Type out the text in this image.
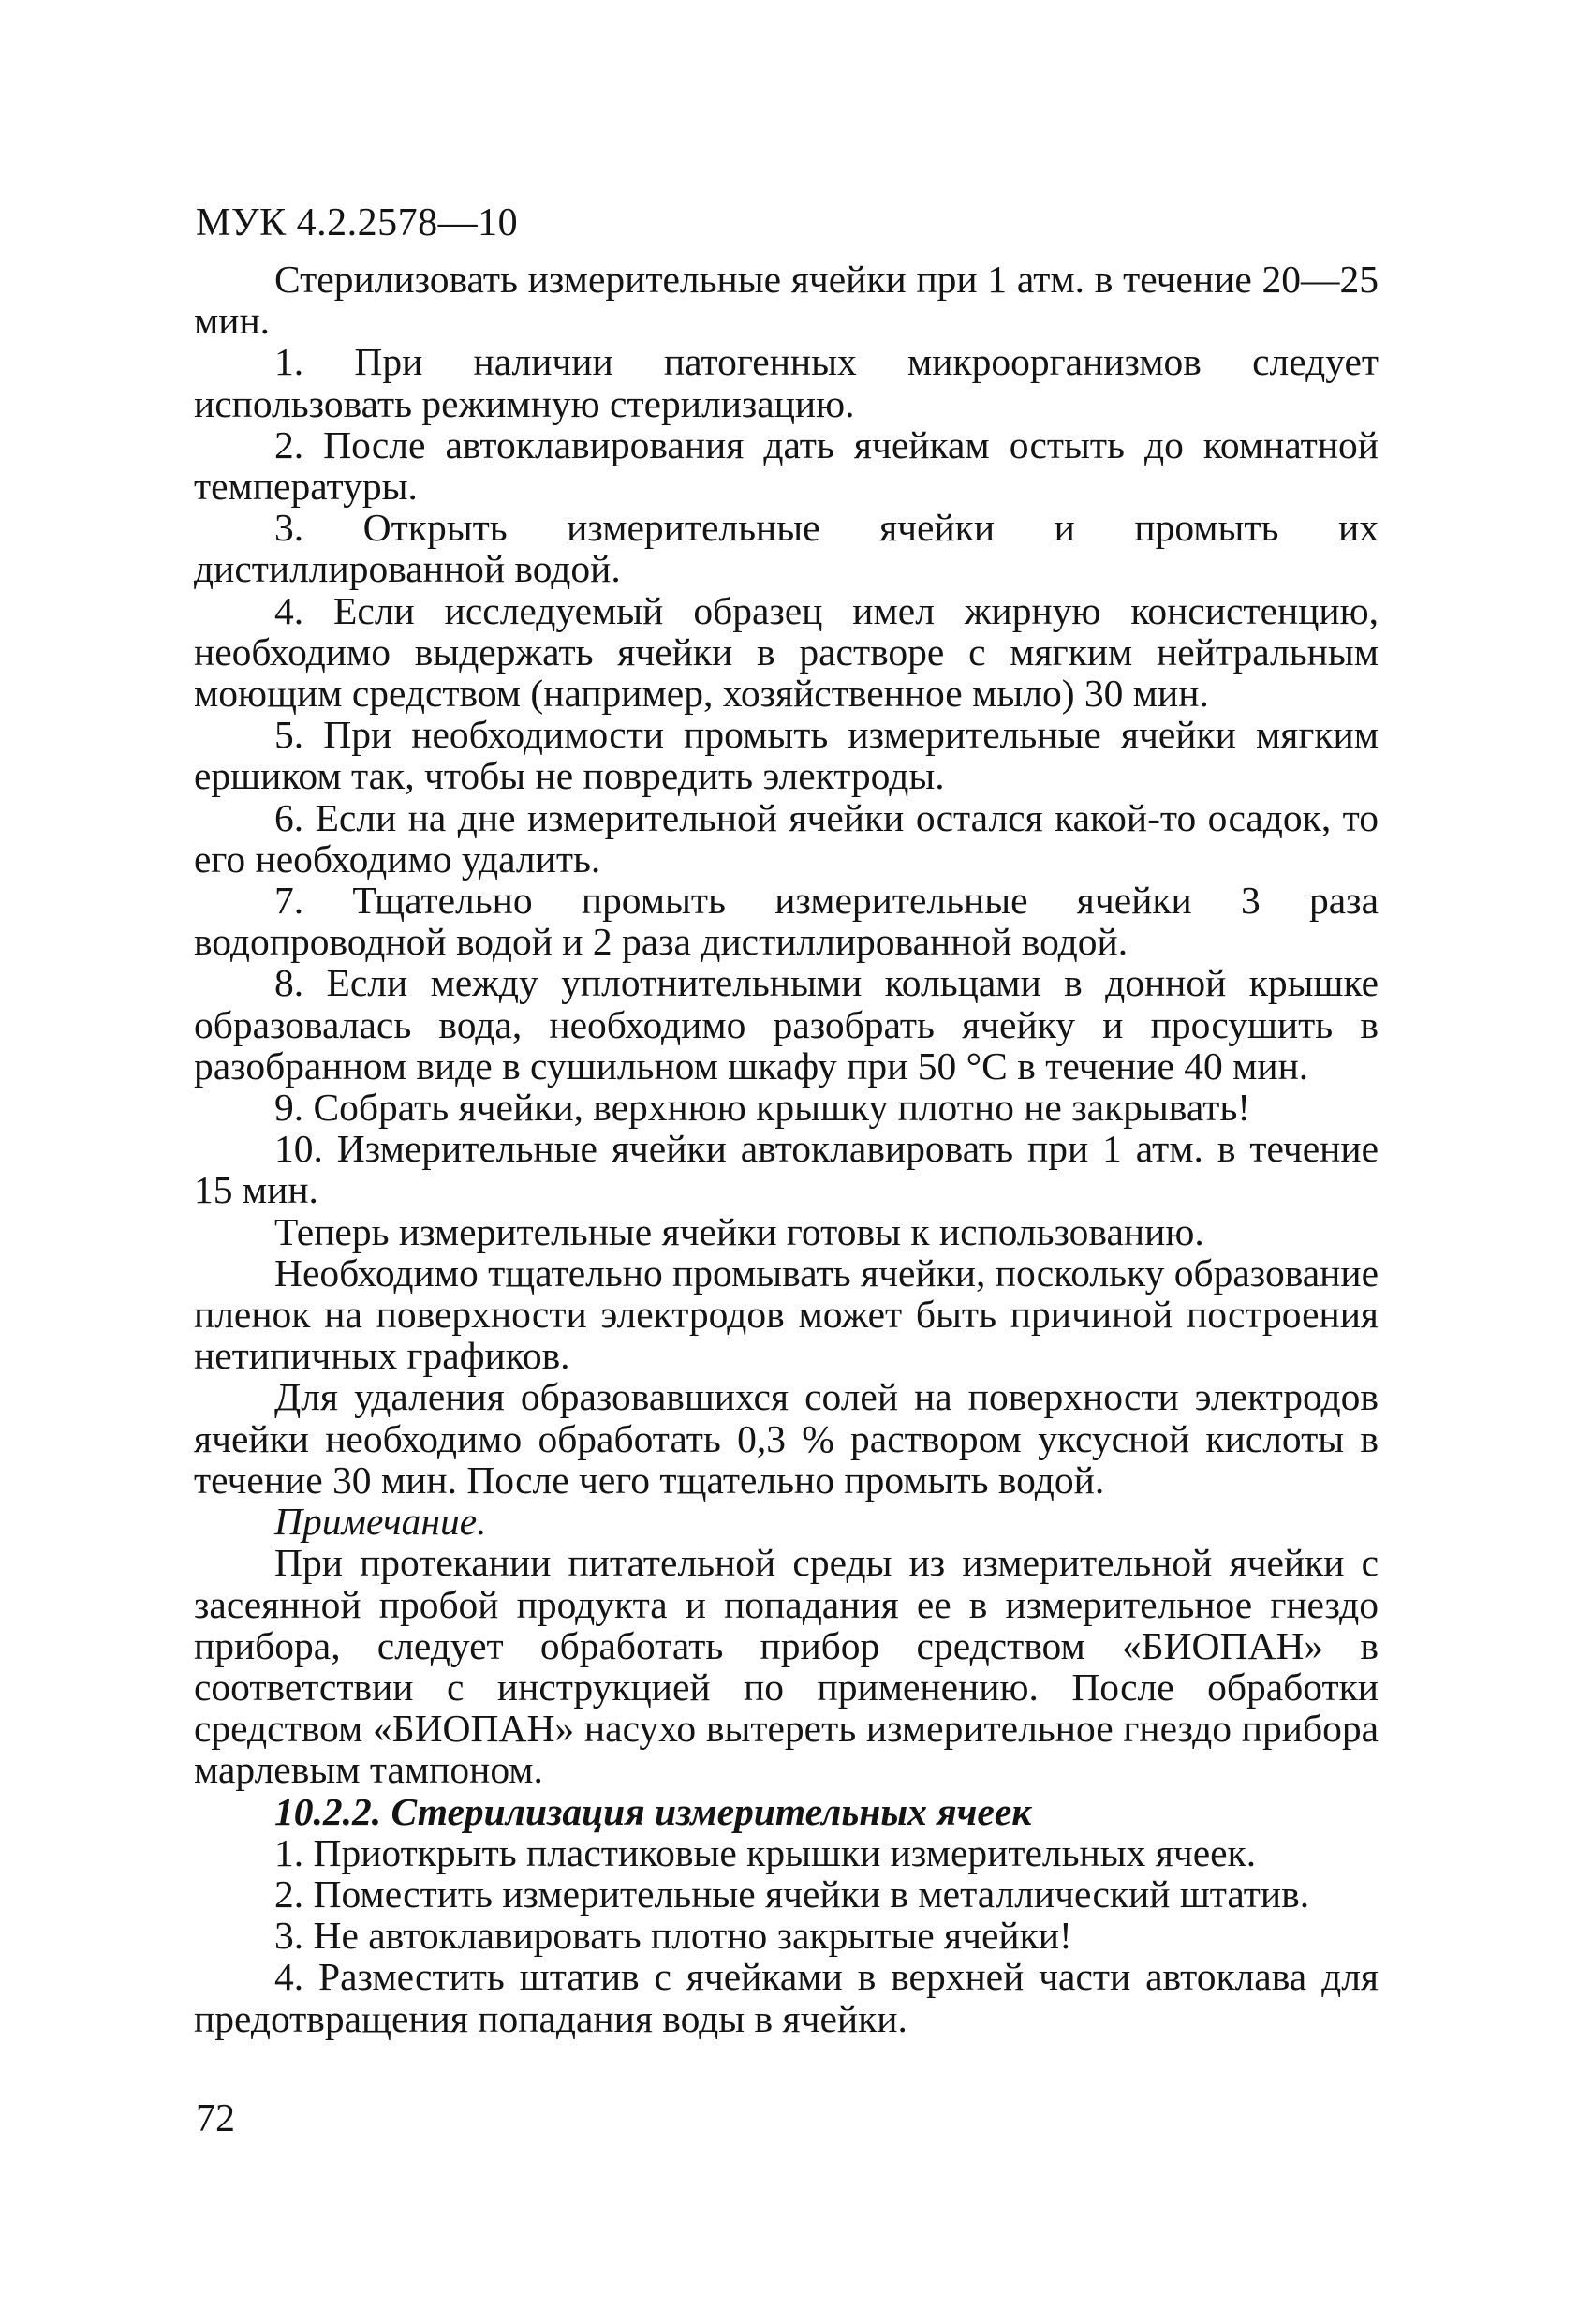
МУК 4.2.2578—10

Стерилизовать измерительные ячейки при 1 атм. в течение 20—25 мин.

1. При наличии патогенных микроорганизмов следует использовать режимную стерилизацию.

2. После автоклавирования дать ячейкам остыть до комнатной температуры.

3. Открыть измерительные ячейки и промыть их дистиллированной водой.

4. Если исследуемый образец имел жирную консистенцию, необходимо выдержать ячейки в растворе с мягким нейтральным моющим средством (например, хозяйственное мыло) 30 мин.

5. При необходимости промыть измерительные ячейки мягким ершиком так, чтобы не повредить электроды.

6. Если на дне измерительной ячейки остался какой-то осадок, то его необходимо удалить.

7. Тщательно промыть измерительные ячейки 3 раза водопроводной водой и 2 раза дистиллированной водой.

8. Если между уплотнительными кольцами в донной крышке образовалась вода, необходимо разобрать ячейку и просушить в разобранном виде в сушильном шкафу при 50 °С в течение 40 мин.

9. Собрать ячейки, верхнюю крышку плотно не закрывать!

10. Измерительные ячейки автоклавировать при 1 атм. в течение 15 мин.

Теперь измерительные ячейки готовы к использованию.

Необходимо тщательно промывать ячейки, поскольку образование пленок на поверхности электродов может быть причиной построения нетипичных графиков.

Для удаления образовавшихся солей на поверхности электродов ячейки необходимо обработать 0,3 % раствором уксусной кислоты в течение 30 мин. После чего тщательно промыть водой.

Примечание.

При протекании питательной среды из измерительной ячейки с засеянной пробой продукта и попадания ее в измерительное гнездо прибора, следует обработать прибор средством «БИОПАН» в соответствии с инструкцией по применению. После обработки средством «БИОПАН» насухо вытереть измерительное гнездо прибора марлевым тампоном.

10.2.2. Стерилизация измерительных ячеек

1. Приоткрыть пластиковые крышки измерительных ячеек.

2. Поместить измерительные ячейки в металлический штатив.

3. Не автоклавировать плотно закрытые ячейки!

4. Разместить штатив с ячейками в верхней части автоклава для предотвращения попадания воды в ячейки.

72
